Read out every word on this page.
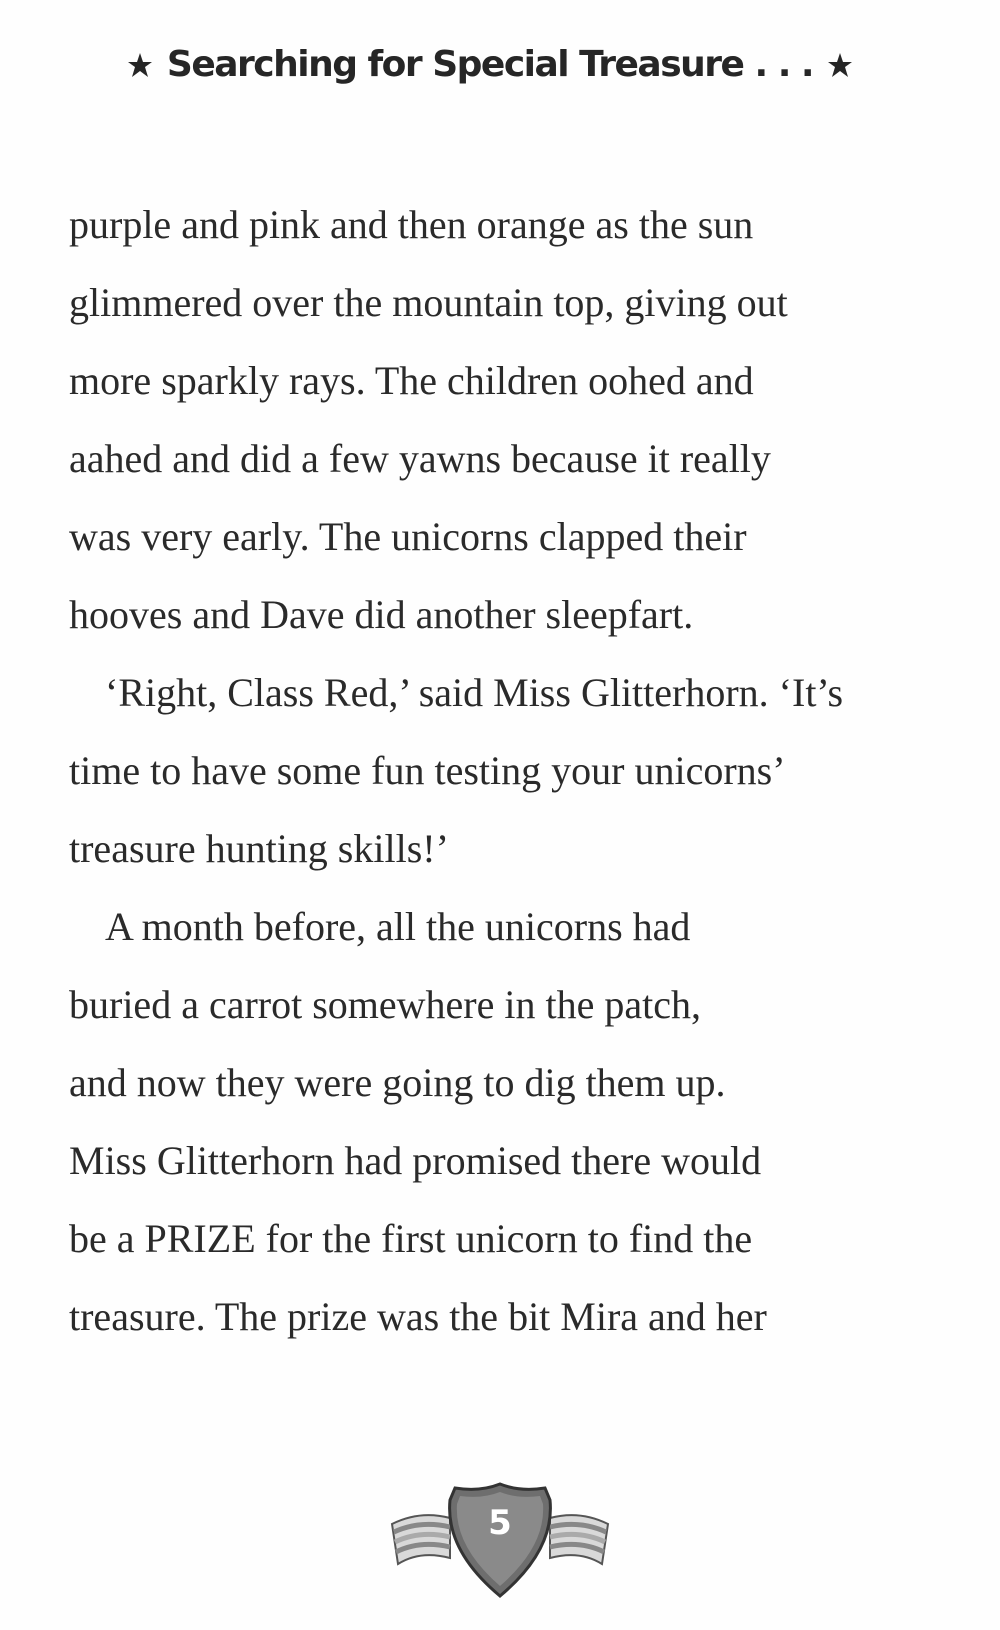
Searching for Special Treasure . . .
purple and pink and then orange as the sun
glimmered over the mountain top, giving out
more sparkly rays. The children oohed and
aahed and did a few yawns because it really
was very early. The unicorns clapped their
hooves and Dave did another sleepfart.
‘Right, Class Red,’ said Miss Glitterhorn. ‘It’s
time to have some fun testing your unicorns’
treasure hunting skills!’
A month before, all the unicorns had
buried a carrot somewhere in the patch,
and now they were going to dig them up.
Miss Glitterhorn had promised there would
be a PRIZE for the first unicorn to find the
treasure. The prize was the bit Mira and her
5
